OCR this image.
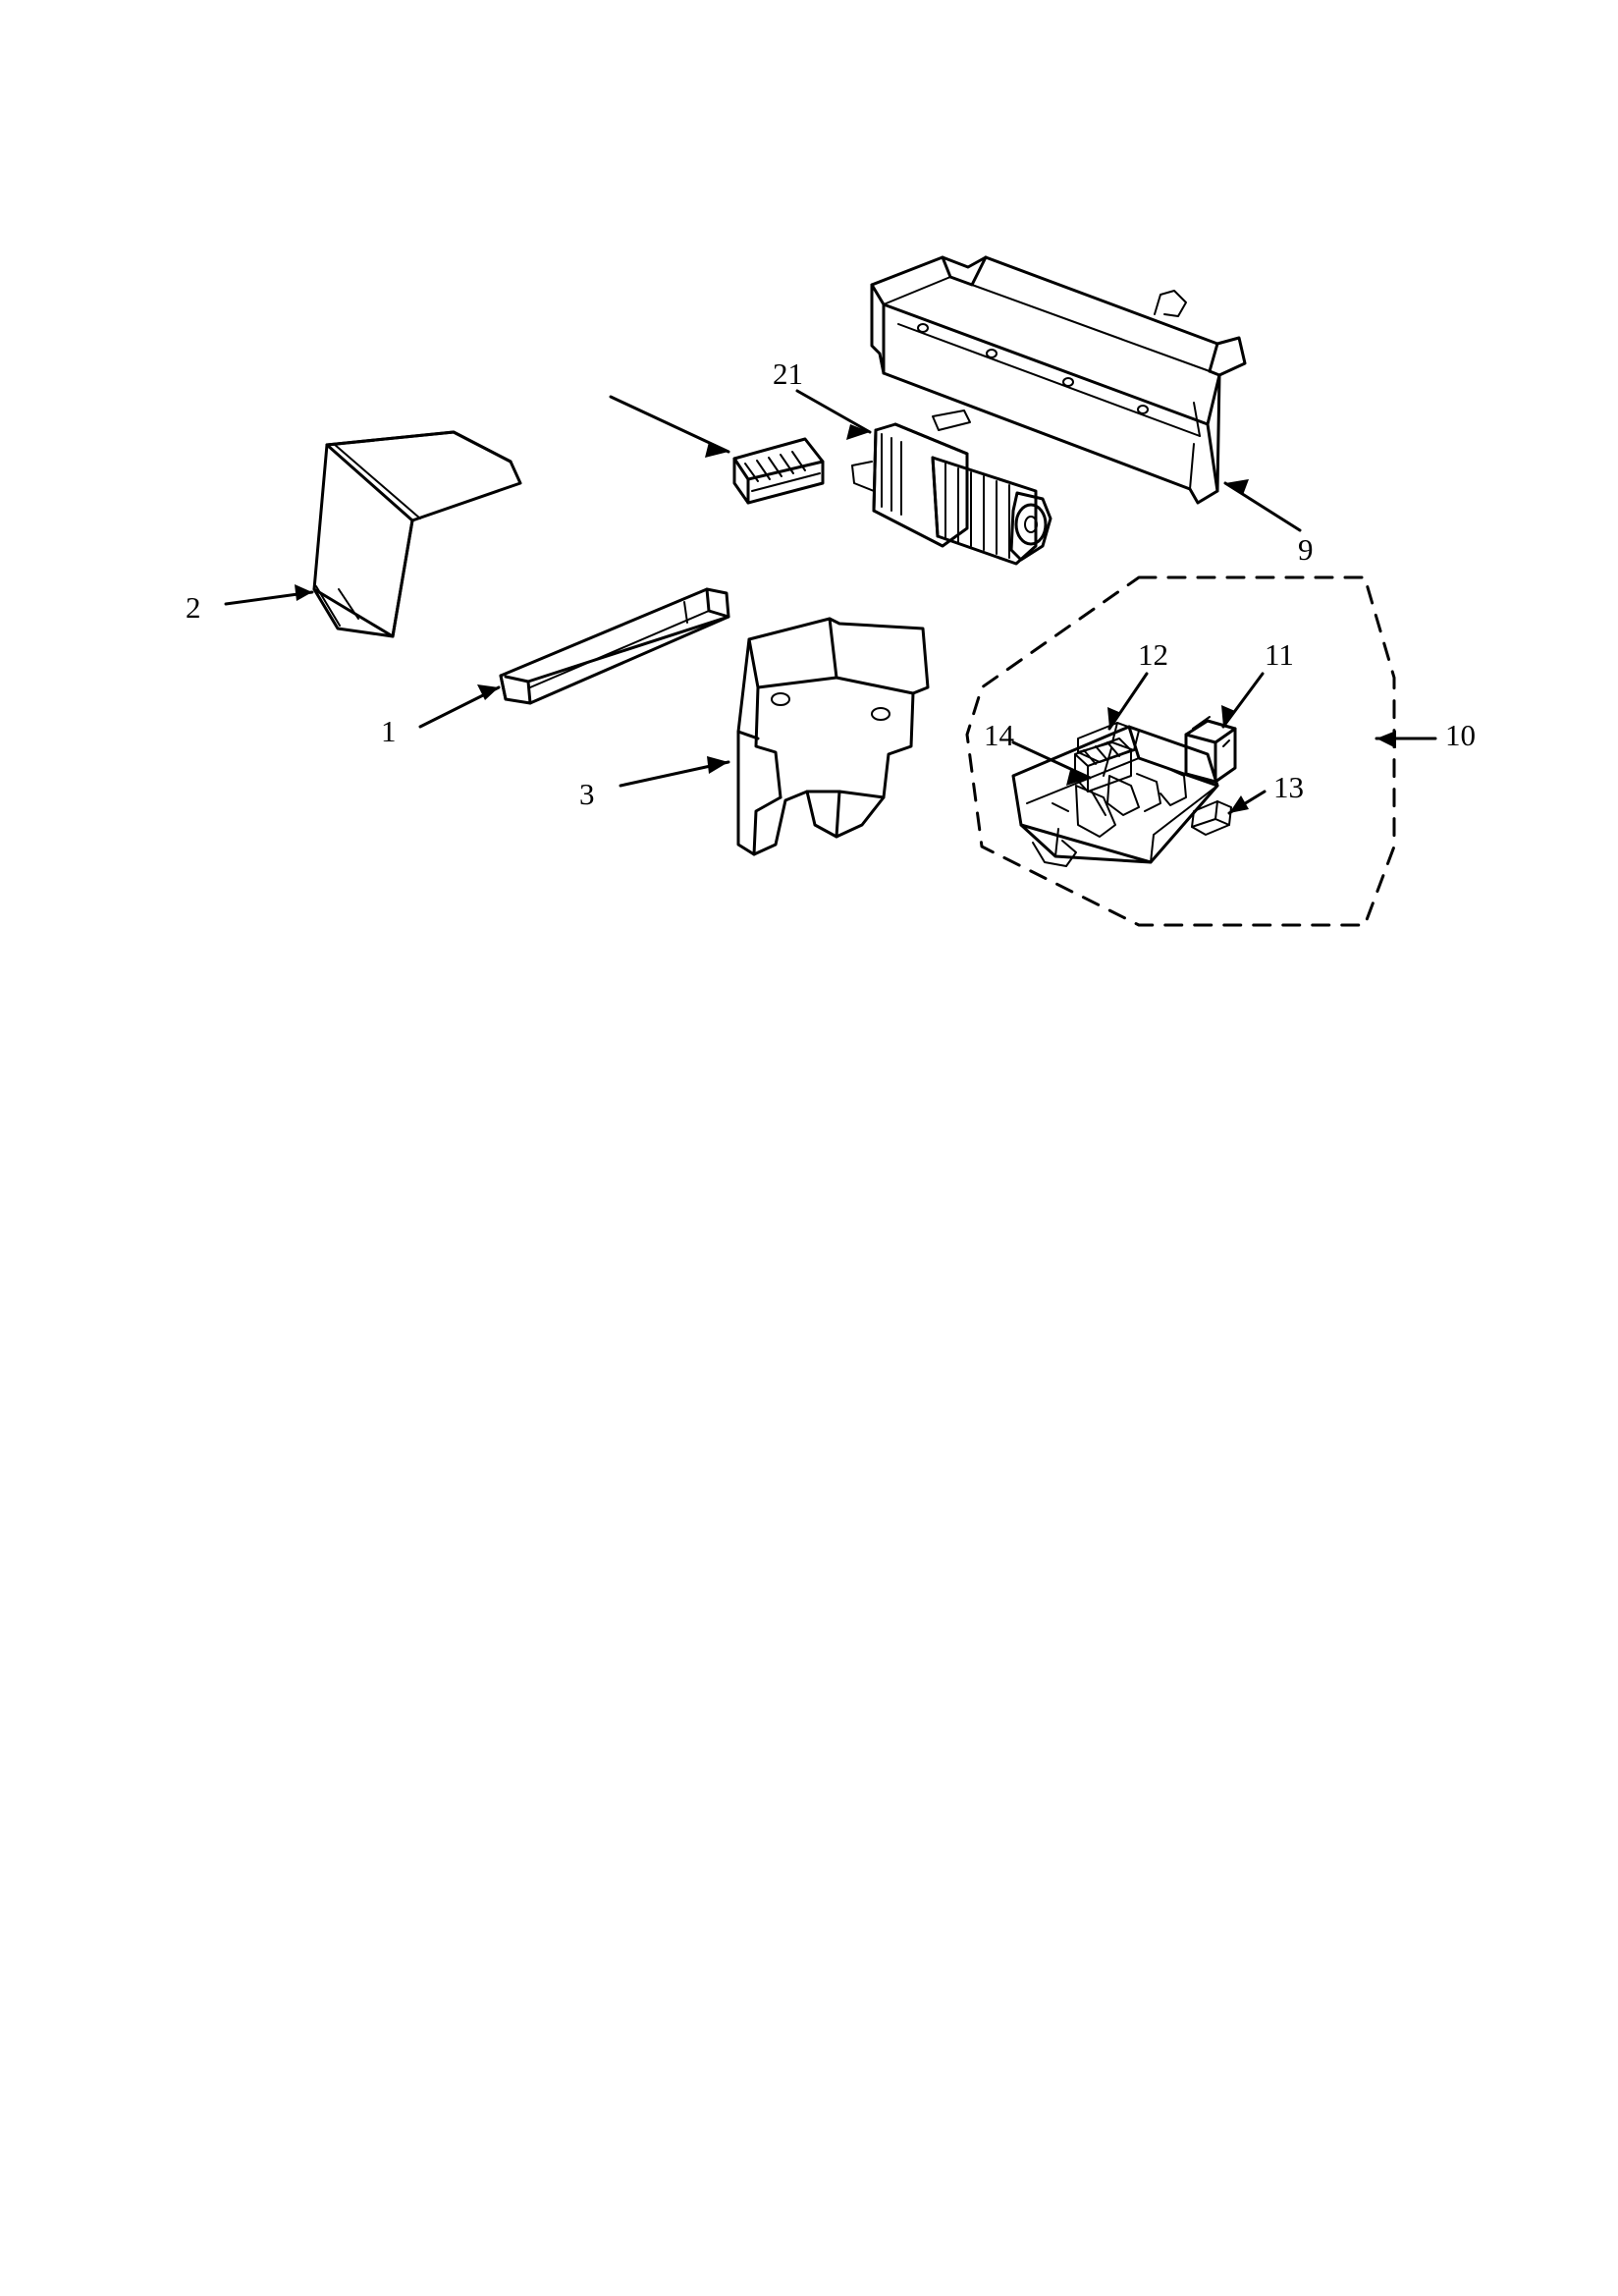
2
1
3
21
9
10
11
12
13
14
